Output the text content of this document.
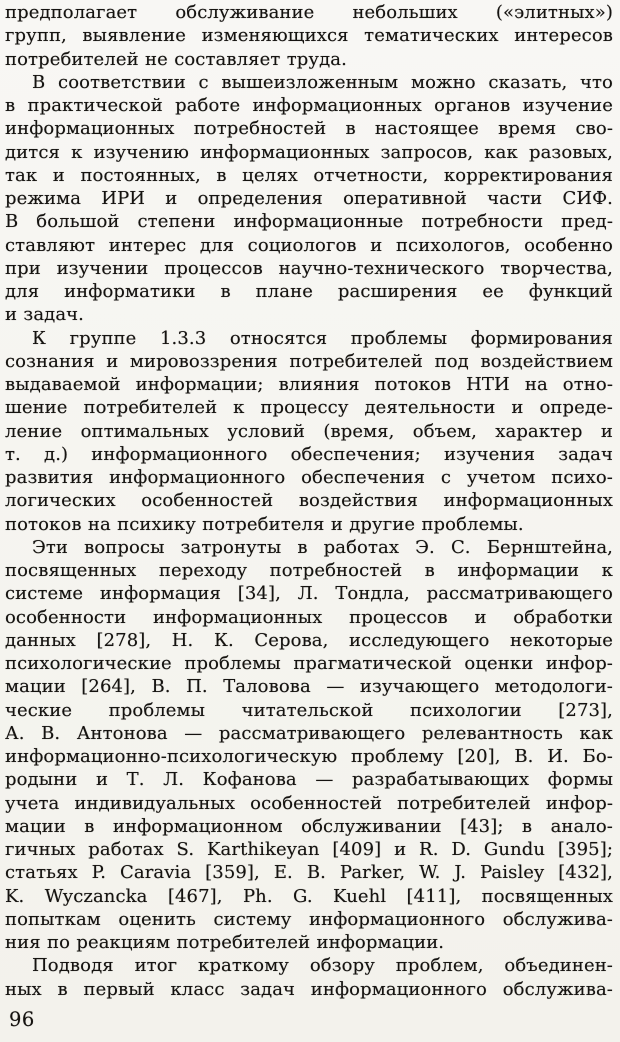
предполагает обслуживание небольших («элитных»)
групп, выявление изменяющихся тематических интересов
потребителей не составляет труда.
В соответствии с вышеизложенным можно сказать, что
в практической работе информационных органов изучение
информационных потребностей в настоящее время сво-
дится к изучению информационных запросов, как разовых,
так и постоянных, в целях отчетности, корректирования
режима ИРИ и определения оперативной части СИФ.
В большой степени информационные потребности пред-
ставляют интерес для социологов и психологов, особенно
при изучении процессов научно-технического творчества,
для информатики в плане расширения ее функций
и задач.
К группе 1.3.3 относятся проблемы формирования
сознания и мировоззрения потребителей под воздействием
выдаваемой информации; влияния потоков НТИ на отно-
шение потребителей к процессу деятельности и опреде-
ление оптимальных условий (время, объем, характер и
т. д.) информационного обеспечения; изучения задач
развития информационного обеспечения с учетом психо-
логических особенностей воздействия информационных
потоков на психику потребителя и другие проблемы.
Эти вопросы затронуты в работах Э. С. Бернштейна,
посвященных переходу потребностей в информации к
системе информация [34], Л. Тондла, рассматривающего
особенности информационных процессов и обработки
данных [278], Н. К. Серова, исследующего некоторые
психологические проблемы прагматической оценки инфор-
мации [264], В. П. Таловова — изучающего методологи-
ческие проблемы читательской психологии [273],
А. В. Антонова — рассматривающего релевантность как
информационно-психологическую проблему [20], В. И. Бо-
родыни и Т. Л. Кофанова — разрабатывающих формы
учета индивидуальных особенностей потребителей инфор-
мации в информационном обслуживании [43]; в анало-
гичных работах S. Karthikeyan [409] и R. D. Gundu [395];
статьях P. Caravia [359], E. B. Parker, W. J. Paisley [432],
K. Wyczancka [467], Ph. G. Kuehl [411], посвященных
попыткам оценить систему информационного обслужива-
ния по реакциям потребителей информации.
Подводя итог краткому обзору проблем, объединен-
ных в первый класс задач информационного обслужива-
96
